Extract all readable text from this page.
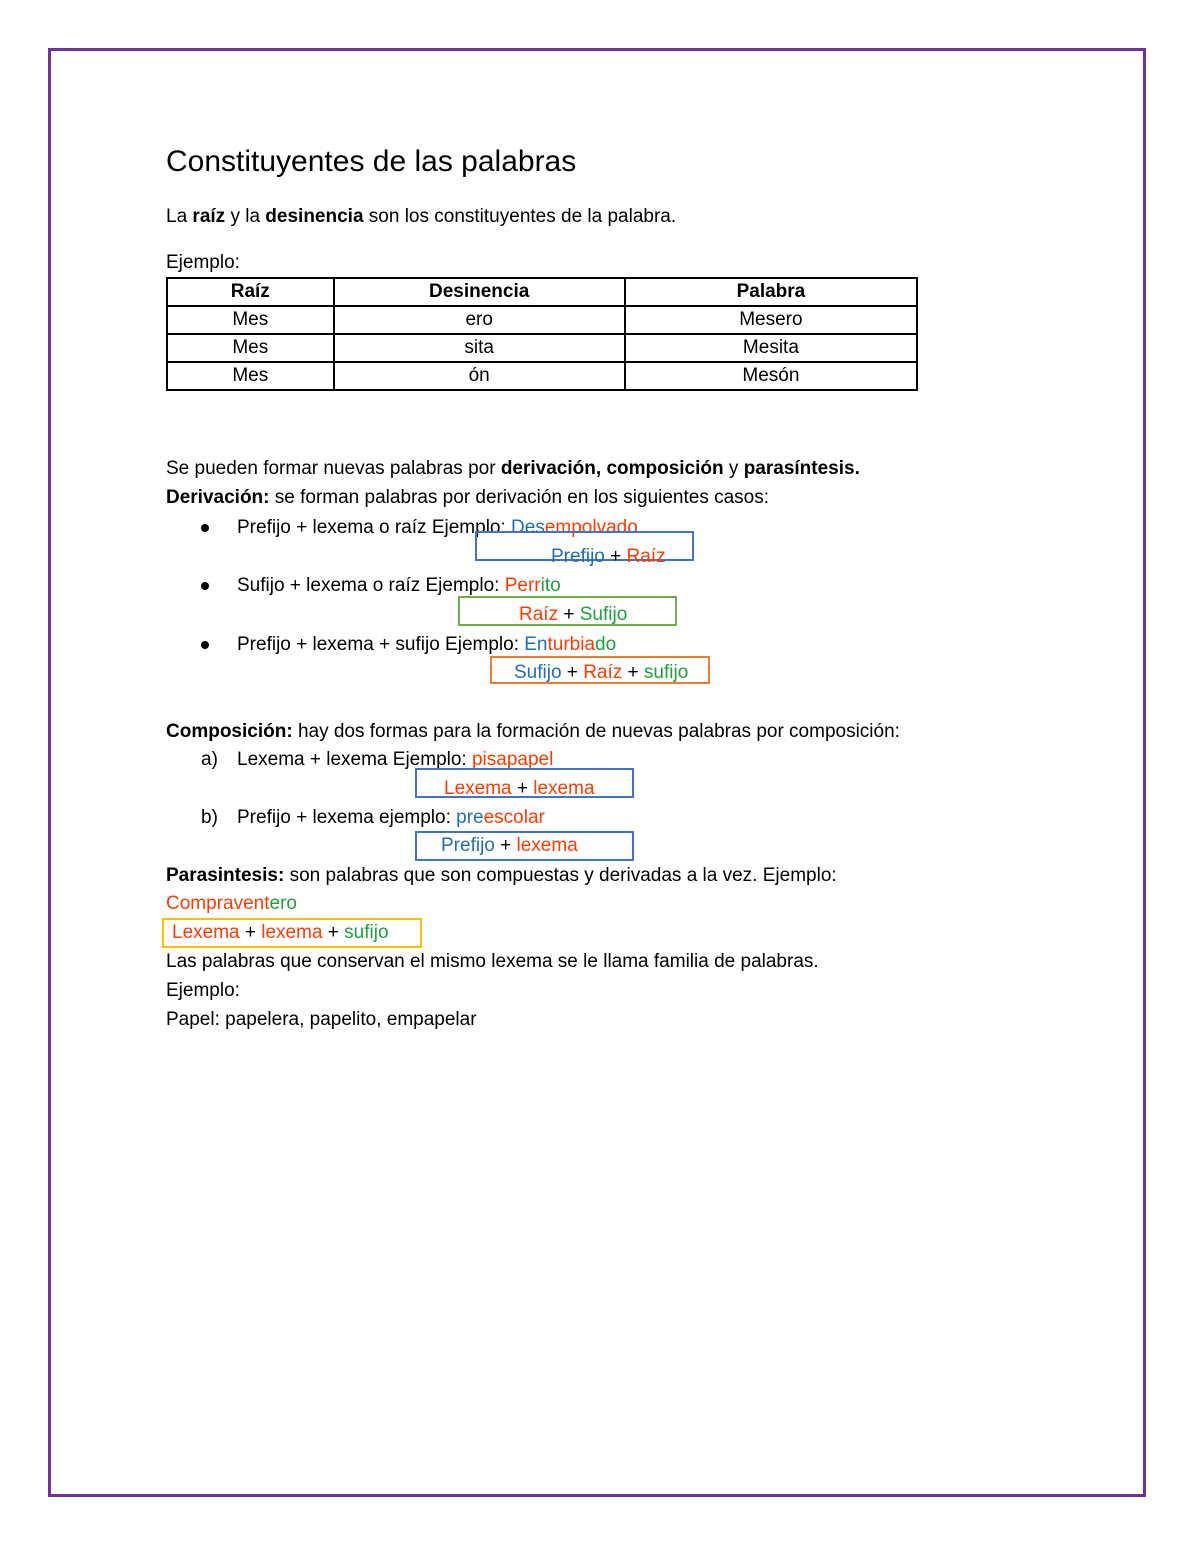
Constituyentes de las palabras
La raíz y la desinencia son los constituyentes de la palabra.
Ejemplo:
Raíz	Desinencia	Palabra
Mes	ero	Mesero
Mes	sita	Mesita
Mes	ón	Mesón
Se pueden formar nuevas palabras por derivación, composición y parasíntesis.
Derivación: se forman palabras por derivación en los siguientes casos:
Prefijo + lexema o raíz Ejemplo: Desempolvado
Prefijo + Raíz
Sufijo + lexema o raíz Ejemplo: Perrito
Raíz + Sufijo
Prefijo + lexema + sufijo Ejemplo: Enturbiado
Sufijo + Raíz + sufijo
Composición: hay dos formas para la formación de nuevas palabras por composición:
a) Lexema + lexema Ejemplo: pisapapel
Lexema + lexema
b) Prefijo + lexema ejemplo: preescolar
Prefijo + lexema
Parasintesis: son palabras que son compuestas y derivadas a la vez. Ejemplo:
Compraventero
Lexema + lexema + sufijo
Las palabras que conservan el mismo lexema se le llama familia de palabras.
Ejemplo:
Papel: papelera, papelito, empapelar
